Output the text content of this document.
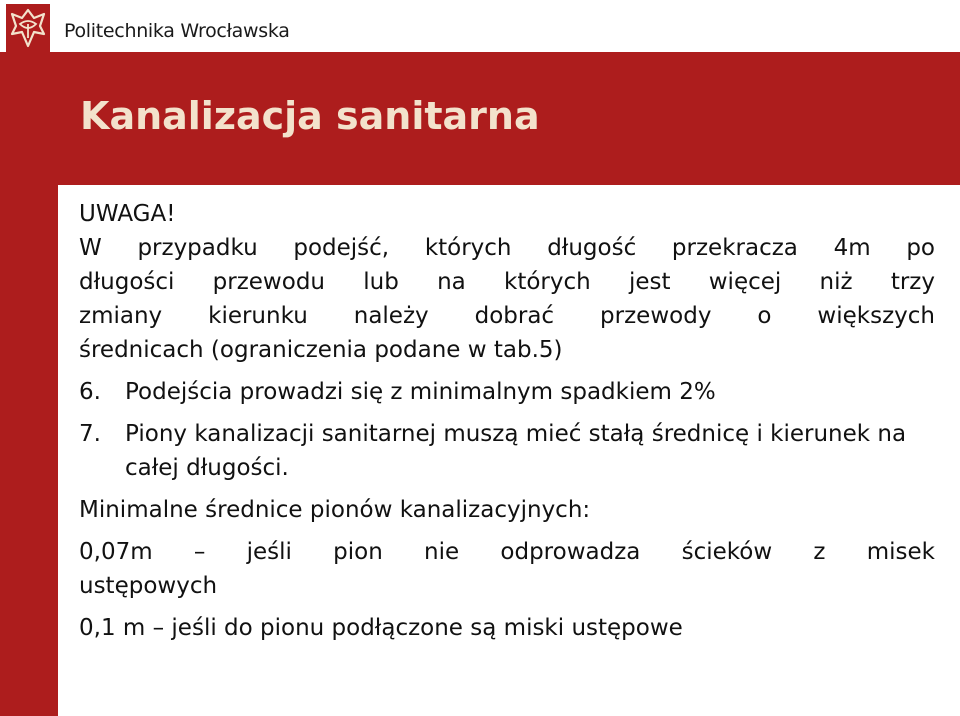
Politechnika Wrocławska
Kanalizacja sanitarna

UWAGA!

W przypadku podejść, których długość przekracza 4m po
długości przewodu lub na których jest więcej niż trzy
zmiany kierunku należy dobrać przewody o większych

średnicach (ograniczenia podane w tab.5)

6. Podejścia prowadzi się z minimalnym spadkiem 2%

7. Piony kanalizacji sanitarnej muszą mieć stałą średnicę i kierunek na całej długości.

Minimalne średnice pionów kanalizacyjnych:

0,07m – jeśli pion nie odprowadza ścieków z misek

ustępowych

0,1 m – jeśli do pionu podłączone są miski ustępowe
